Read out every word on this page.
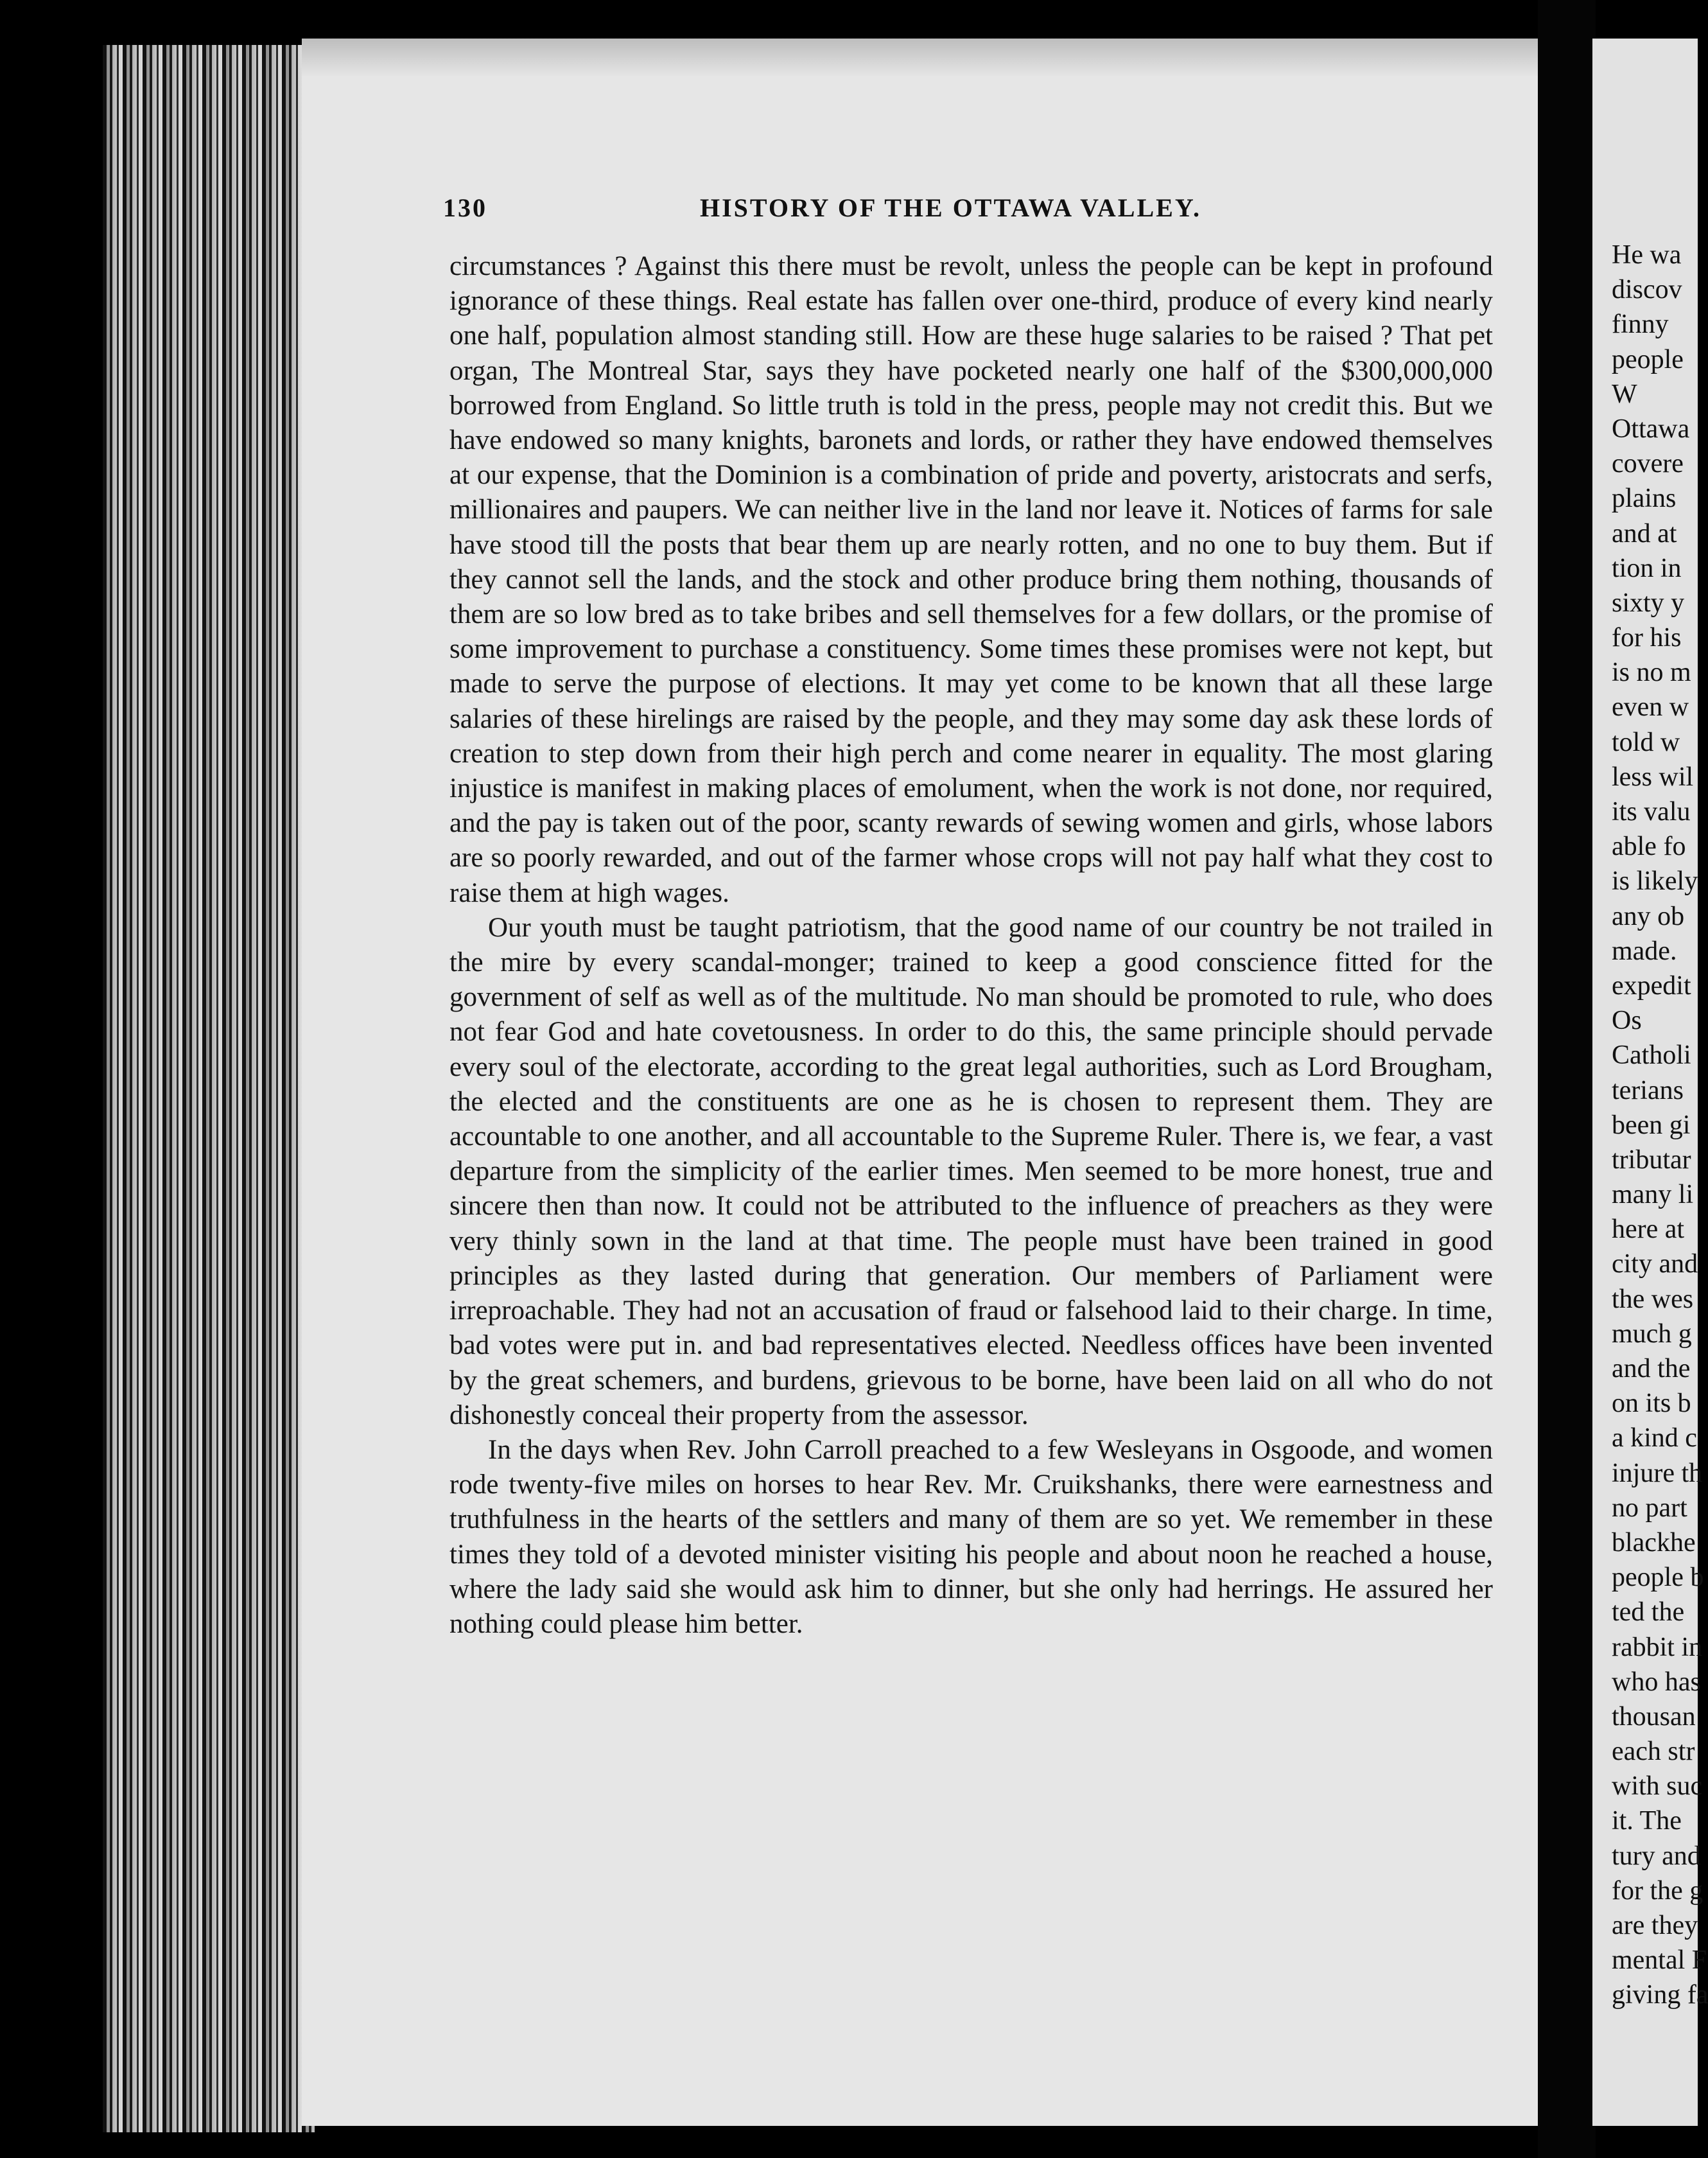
130	HISTORY OF THE OTTAWA VALLEY.

circumstances ? Against this there must be revolt, unless the people can be kept in profound ignorance of these things. Real estate has fallen over one-third, produce of every kind nearly one half, population almost standing still. How are these huge salaries to be raised ? That pet organ, The Montreal Star, says they have pocketed nearly one half of the $300,000,000 borrowed from England. So little truth is told in the press, people may not credit this. But we have endowed so many knights, baronets and lords, or rather they have endowed themselves at our expense, that the Dominion is a combination of pride and poverty, aristocrats and serfs, millionaires and paupers. We can neither live in the land nor leave it. Notices of farms for sale have stood till the posts that bear them up are nearly rotten, and no one to buy them. But if they cannot sell the lands, and the stock and other produce bring them nothing, thousands of them are so low bred as to take bribes and sell themselves for a few dollars, or the promise of some improvement to purchase a constituency. Some times these promises were not kept, but made to serve the purpose of elections. It may yet come to be known that all these large salaries of these hirelings are raised by the people, and they may some day ask these lords of creation to step down from their high perch and come nearer in equality. The most glaring injustice is manifest in making places of emolument, when the work is not done, nor required, and the pay is taken out of the poor, scanty rewards of sewing women and girls, whose labors are so poorly rewarded, and out of the farmer whose crops will not pay half what they cost to raise them at high wages.

Our youth must be taught patriotism, that the good name of our country be not trailed in the mire by every scandal-monger; trained to keep a good conscience fitted for the government of self as well as of the multitude. No man should be promoted to rule, who does not fear God and hate covetousness. In order to do this, the same principle should pervade every soul of the electorate, according to the great legal authorities, such as Lord Brougham, the elected and the constituents are one as he is chosen to represent them. They are accountable to one another, and all accountable to the Supreme Ruler. There is, we fear, a vast departure from the simplicity of the earlier times. Men seemed to be more honest, true and sincere then than now. It could not be attributed to the influence of preachers as they were very thinly sown in the land at that time. The people must have been trained in good principles as they lasted during that generation. Our members of Parliament were irreproachable. They had not an accusation of fraud or falsehood laid to their charge. In time, bad votes were put in. and bad representatives elected. Needless offices have been invented by the great schemers, and burdens, grievous to be borne, have been laid on all who do not dishonestly conceal their property from the assessor.

In the days when Rev. John Carroll preached to a few Wesleyans in Osgoode, and women rode twenty-five miles on horses to hear Rev. Mr. Cruikshanks, there were earnestness and truthfulness in the hearts of the settlers and many of them are so yet. We remember in these times they told of a devoted minister visiting his people and about noon he reached a house, where the lady said she would ask him to dinner, but she only had herrings. He assured her nothing could please him better.

He wa
discov
finny
people
W
Ottawa
covere
plains
and at
tion in
sixty y
for his
is no m
even w
told w
less wil
its valu
able fo
is likely
any ob
made.
expedit
Os
Catholi
terians
been gi
tributar
many li
here at
city and
the wes
much g
and the
on its b
a kind c
injure th
no part
blackhe
people b
ted the
rabbit in
who has
thousan
each str
with suc
it. The
tury and
for the g
are they
mental F
giving fa
